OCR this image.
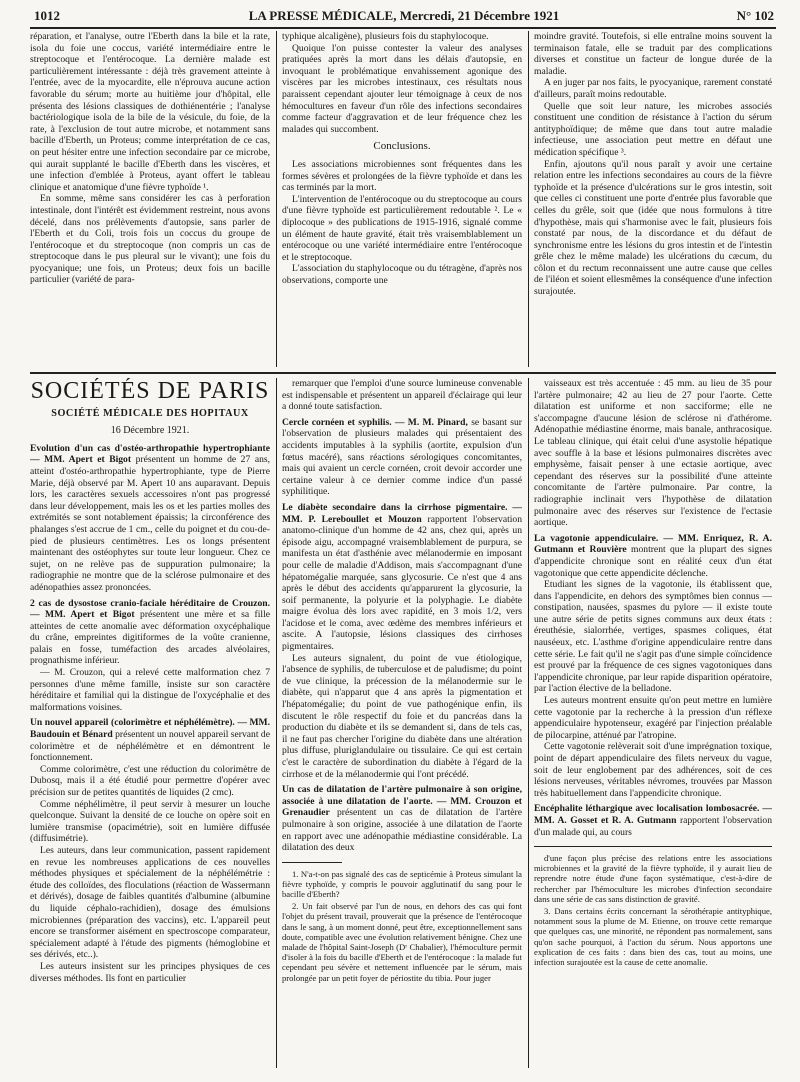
1012	LA PRESSE MÉDICALE, Mercredi, 21 Décembre 1921	N° 102

réparation, et l'analyse, outre l'Eberth dans la bile et la rate, isola du foie une coccus, variété intermédiaire entre le streptocoque et l'entérocoque. La dernière malade est particulièrement intéressante : déjà très gravement atteinte à l'entrée, avec de la myocardite, elle n'éprouva aucune action favorable du sérum; morte au huitième jour d'hôpital, elle présenta des lésions classiques de dothiénentérie ; l'analyse bactériologique isola de la bile de la vésicule, du foie, de la rate, à l'exclusion de tout autre microbe, et notamment sans bacille d'Eberth, un Proteus; comme interprétation de ce cas, on peut hésiter entre une infection secondaire par ce microbe, qui aurait supplanté le bacille d'Eberth dans les viscères, et une infection d'emblée à Proteus, ayant offert le tableau clinique et anatomique d'une fièvre typhoïde ¹.

En somme, même sans considérer les cas à perforation intestinale, dont l'intérêt est évidemment restreint, nous avons décelé, dans nos prélèvements d'autopsie, sans parler de l'Eberth et du Coli, trois fois un coccus du groupe de l'entérocoque et du streptocoque (non compris un cas de streptocoque dans le pus pleural sur le vivant); une fois du pyocyanique; une fois, un Proteus; deux fois un bacille particulier (variété de para-

typhique alcaligène), plusieurs fois du staphylocoque.

Quoique l'on puisse contester la valeur des analyses pratiquées après la mort dans les délais d'autopsie, en invoquant le problématique envahissement agonique des viscères par les microbes intestinaux, ces résultats nous paraissent cependant ajouter leur témoignage à ceux de nos hémocultures en faveur d'un rôle des infections secondaires comme facteur d'aggravation et de leur fréquence chez les malades qui succombent.

Conclusions.

Les associations microbiennes sont fréquentes dans les formes sévères et prolongées de la fièvre typhoïde et dans les cas terminés par la mort.

L'intervention de l'entérocoque ou du streptocoque au cours d'une fièvre typhoïde est particulièrement redoutable ². Le « diplocoque » des publications de 1915-1916, signalé comme un élément de haute gravité, était très vraisemblablement un entérocoque ou une variété intermédiaire entre l'entérocoque et le streptocoque.

L'association du staphylocoque ou du tétragène, d'après nos observations, comporte une

moindre gravité. Toutefois, si elle entraîne moins souvent la terminaison fatale, elle se traduit par des complications diverses et constitue un facteur de longue durée de la maladie.

A en juger par nos faits, le pyocyanique, rarement constaté d'ailleurs, paraît moins redoutable.

Quelle que soit leur nature, les microbes associés constituent une condition de résistance à l'action du sérum antityphoïdique; de même que dans tout autre maladie infectieuse, une association peut mettre en défaut une médication spécifique ³.

Enfin, ajoutons qu'il nous paraît y avoir une certaine relation entre les infections secondaires au cours de la fièvre typhoïde et la présence d'ulcérations sur le gros intestin, soit que celles ci constituent une porte d'entrée plus favorable que celles du grêle, soit que (idée que nous formulons à titre d'hypothèse, mais qui s'harmonise avec le fait, plusieurs fois constaté par nous, de la discordance et du défaut de synchronisme entre les lésions du gros intestin et de l'intestin grêle chez le même malade) les ulcérations du cæcum, du côlon et du rectum reconnaissent une autre cause que celles de l'iléon et soient ellesmêmes la conséquence d'une infection surajoutée.

SOCIÉTÉS DE PARIS
SOCIÉTÉ MÉDICALE DES HOPITAUX
16 Décembre 1921.

Evolution d'un cas d'ostéo-arthropathie hypertrophiante — MM. Apert et Bigot présentent un homme de 27 ans, atteint d'ostéo-arthropathie hypertrophiante, type de Pierre Marie, déjà observé par M. Apert 10 ans auparavant. Depuis lors, les caractères sexuels accessoires n'ont pas progressé dans leur développement, mais les os et les parties molles des extrémités se sont notablement épaissis; la circonférence des phalanges s'est accrue de 1 cm., celle du poignet et du cou-de-pied de plusieurs centimètres. Les os longs présentent maintenant des ostéophytes sur toute leur longueur. Chez ce sujet, on ne relève pas de suppuration pulmonaire; la radiographie ne montre que de la sclérose pulmonaire et des adénopathies assez prononcées.

2 cas de dysostose cranio-faciale héréditaire de Crouzon. — MM. Apert et Bigot présentent une mère et sa fille atteintes de cette anomalie avec déformation oxycéphalique du crâne, empreintes digitiformes de la voûte cranienne, palais en fosse, tuméfaction des arcades alvéolaires, prognathisme inférieur.

— M. Crouzon, qui a relevé cette malformation chez 7 personnes d'une même famille, insiste sur son caractère héréditaire et familial qui la distingue de l'oxycéphalie et des malformations voisines.

Un nouvel appareil (colorimètre et néphélémètre). — MM. Baudouin et Bénard présentent un nouvel appareil servant de colorimètre et de néphélémètre et en démontrent le fonctionnement.

Comme colorimètre, c'est une réduction du colorimètre de Dubosq, mais il a été étudié pour permettre d'opérer avec précision sur de petites quantités de liquides (2 cmc).

Comme néphélimètre, il peut servir à mesurer un louche quelconque. Suivant la densité de ce louche on opère soit en lumière transmise (opacimétrie), soit en lumière diffusée (diffusimétrie).

Les auteurs, dans leur communication, passent rapidement en revue les nombreuses applications de ces nouvelles méthodes physiques et spécialement de la néphélémétrie : étude des colloïdes, des floculations (réaction de Wassermann et dérivés), dosage de faibles quantités d'albumine (albumine du liquide céphalo-rachidien), dosage des émulsions microbiennes (préparation des vaccins), etc. L'appareil peut encore se transformer aisément en spectroscope comparateur, spécialement adapté à l'étude des pigments (hémoglobine et ses dérivés, etc..).

Les auteurs insistent sur les principes physiques de ces diverses méthodes. Ils font en particulier

remarquer que l'emploi d'une source lumineuse convenable est indispensable et présentent un appareil d'éclairage qui leur a donné toute satisfaction.

Cercle cornéen et syphilis. — M. M. Pinard, se basant sur l'observation de plusieurs malades qui présentaient des accidents imputables à la syphilis (aortite, expulsion d'un fœtus macéré), sans réactions sérologiques concomitantes, mais qui avaient un cercle cornéen, croit devoir accorder une certaine valeur à ce dernier comme indice d'un passé syphilitique.

Le diabète secondaire dans la cirrhose pigmentaire. — MM. P. Lereboullet et Mouzon rapportent l'observation anatomo-clinique d'un homme de 42 ans, chez qui, après un épisode aigu, accompagné vraisemblablement de purpura, se manifesta un état d'asthénie avec mélanodermie en imposant pour celle de maladie d'Addison, mais s'accompagnant d'une hépatomégalie marquée, sans glycosurie. Ce n'est que 4 ans après le début des accidents qu'apparurent la glycosurie, la soif permanente, la polyurie et la polyphagie. Le diabète maigre évolua dès lors avec rapidité, en 3 mois 1/2, vers l'acidose et le coma, avec œdème des membres inférieurs et ascite. A l'autopsie, lésions classiques des cirrhoses pigmentaires.

Les auteurs signalent, du point de vue étiologique, l'absence de syphilis, de tuberculose et de paludisme; du point de vue clinique, la précession de la mélanodermie sur le diabète, qui n'apparut que 4 ans après la pigmentation et l'hépatomégalie; du point de vue pathogénique enfin, ils discutent le rôle respectif du foie et du pancréas dans la production du diabète et ils se demandent si, dans de tels cas, il ne faut pas chercher l'origine du diabète dans une altération plus diffuse, pluriglandulaire ou tissulaire. Ce qui est certain c'est le caractère de subordination du diabète à l'égard de la cirrhose et de la mélanodermie qui l'ont précédé.

Un cas de dilatation de l'artère pulmonaire à son origine, associée à une dilatation de l'aorte. — MM. Crouzon et Grenaudier présentent un cas de dilatation de l'artère pulmonaire à son origine, associée à une dilatation de l'aorte en rapport avec une adénopathie médiastine considérable. La dilatation des deux

1. N'a-t-on pas signalé des cas de septicémie à Proteus simulant la fièvre typhoïde, y compris le pouvoir agglutinatif du sang pour le bacille d'Eberth?

2. Un fait observé par l'un de nous, en dehors des cas qui font l'objet du présent travail, prouverait que la présence de l'entérocoque dans le sang, à un moment donné, peut être, exceptionnellement sans doute, compatible avec une évolution relativement bénigne. Chez une malade de l'hôpital Saint-Joseph (Dʳ Chabalier), l'hémoculture permit d'isoler à la fois du bacille d'Eberth et de l'entérocoque : la malade fut cependant peu sévère et nettement influencée par le sérum, mais prolongée par un petit foyer de périostite du tibia. Pour juger

vaisseaux est très accentuée : 45 mm. au lieu de 35 pour l'artère pulmonaire; 42 au lieu de 27 pour l'aorte. Cette dilatation est uniforme et non sacciforme; elle ne s'accompagne d'aucune lésion de sclérose ni d'athérome. Adénopathie médiastine énorme, mais banale, anthracosique. Le tableau clinique, qui était celui d'une asystolie hépatique avec souffle à la base et lésions pulmonaires discrètes avec emphysème, faisait penser à une ectasie aortique, avec cependant des réserves sur la possibilité d'une atteinte concomitante de l'artère pulmonaire. Par contre, la radiographie inclinait vers l'hypothèse de dilatation pulmonaire avec des réserves sur l'existence de l'ectasie aortique.

La vagotonie appendiculaire. — MM. Enriquez, R. A. Gutmann et Rouvière montrent que la plupart des signes d'appendicite chronique sont en réalité ceux d'un état vagotonique que cette appendicite déclenche.

Etudiant les signes de la vagotonie, ils établissent que, dans l'appendicite, en dehors des symptômes bien connus — constipation, nausées, spasmes du pylore — il existe toute une autre série de petits signes communs aux deux états : éreuthésie, sialorrhée, vertiges, spasmes coliques, état nauséeux, etc. L'asthme d'origine appendiculaire rentre dans cette série. Le fait qu'il ne s'agit pas d'une simple coïncidence est prouvé par la fréquence de ces signes vagotoniques dans l'appendicite chronique, par leur rapide disparition opératoire, par l'action élective de la belladone.

Les auteurs montrent ensuite qu'on peut mettre en lumière cette vagotonie par la recherche à la pression d'un réflexe appendiculaire hypotenseur, exagéré par l'injection préalable de pilocarpine, atténué par l'atropine.

Cette vagotonie relèverait soit d'une imprégnation toxique, point de départ appendiculaire des filets nerveux du vague, soit de leur englobement par des adhérences, soit de ces lésions nerveuses, véritables névromes, trouvées par Masson très habituellement dans l'appendicite chronique.

Encéphalite léthargique avec localisation lombosacrée. — MM. A. Gosset et R. A. Gutmann rapportent l'observation d'un malade qui, au cours

d'une façon plus précise des relations entre les associations microbiennes et la gravité de la fièvre typhoïde, il y aurait lieu de reprendre notre étude d'une façon systématique, c'est-à-dire de rechercher par l'hémoculture les microbes d'infection secondaire dans une série de cas sans distinction de gravité.

3. Dans certains écrits concernant la sérothérapie antityphique, notamment sous la plume de M. Etienne, on trouve cette remarque que quelques cas, une minorité, ne répondent pas normalement, sans qu'on sache pourquoi, à l'action du sérum. Nous apportons une explication de ces faits : dans bien des cas, tout au moins, une infection surajoutée est la cause de cette anomalie.
